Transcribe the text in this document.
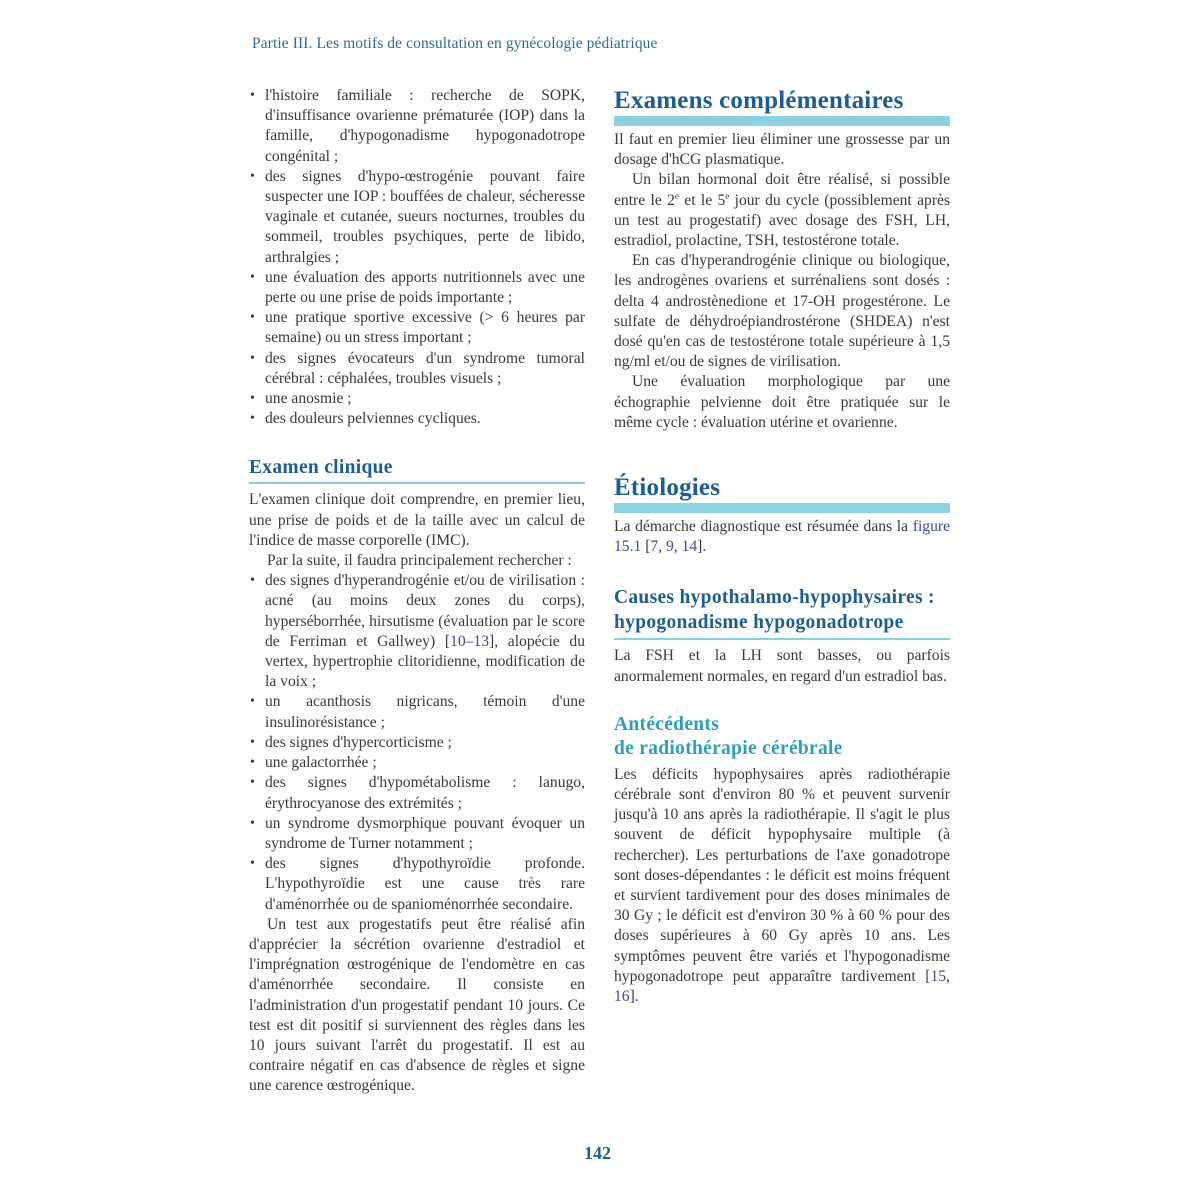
Partie III. Les motifs de consultation en gynécologie pédiatrique
• l'histoire familiale : recherche de SOPK, d'insuffisance ovarienne prématurée (IOP) dans la famille, d'hypogonadisme hypogonadotrope congénital ;
• des signes d'hypo-œstrogénie pouvant faire suspecter une IOP : bouffées de chaleur, sécheresse vaginale et cutanée, sueurs nocturnes, troubles du sommeil, troubles psychiques, perte de libido, arthralgies ;
• une évaluation des apports nutritionnels avec une perte ou une prise de poids importante ;
• une pratique sportive excessive (> 6 heures par semaine) ou un stress important ;
• des signes évocateurs d'un syndrome tumoral cérébral : céphalées, troubles visuels ;
• une anosmie ;
• des douleurs pelviennes cycliques.
Examen clinique

L'examen clinique doit comprendre, en premier lieu, une prise de poids et de la taille avec un calcul de l'indice de masse corporelle (IMC).

Par la suite, il faudra principalement rechercher :

• des signes d'hyperandrogénie et/ou de virilisation : acné (au moins deux zones du corps), hyperséborrhée, hirsutisme (évaluation par le score de Ferriman et Gallwey) [10–13], alopécie du vertex, hypertrophie clitoridienne, modification de la voix ;
• un acanthosis nigricans, témoin d'une insulinorésistance ;
• des signes d'hypercorticisme ;
• une galactorrhée ;
• des signes d'hypométabolisme : lanugo, érythrocyanose des extrémités ;
• un syndrome dysmorphique pouvant évoquer un syndrome de Turner notamment ;
• des signes d'hypothyroïdie profonde. L'hypothyroïdie est une cause très rare d'aménorrhée ou de spanioménorrhée secondaire.

Un test aux progestatifs peut être réalisé afin d'apprécier la sécrétion ovarienne d'estradiol et l'imprégnation œstrogénique de l'endomètre en cas d'aménorrhée secondaire. Il consiste en l'administration d'un progestatif pendant 10 jours. Ce test est dit positif si surviennent des règles dans les 10 jours suivant l'arrêt du progestatif. Il est au contraire négatif en cas d'absence de règles et signe une carence œstrogénique.

Examens complémentaires

Il faut en premier lieu éliminer une grossesse par un dosage d'hCG plasmatique.

Un bilan hormonal doit être réalisé, si possible entre le 2e et le 5e jour du cycle (possiblement après un test au progestatif) avec dosage des FSH, LH, estradiol, prolactine, TSH, testostérone totale.

En cas d'hyperandrogénie clinique ou biologique, les androgènes ovariens et surrénaliens sont dosés : delta 4 androstènedione et 17-OH progestérone. Le sulfate de déhydroépiandrostérone (SHDEA) n'est dosé qu'en cas de testostérone totale supérieure à 1,5 ng/ml et/ou de signes de virilisation.

Une évaluation morphologique par une échographie pelvienne doit être pratiquée sur le même cycle : évaluation utérine et ovarienne.

Étiologies

La démarche diagnostique est résumée dans la figure 15.1 [7, 9, 14].

Causes hypothalamo-hypophysaires : hypogonadisme hypogonadotrope

La FSH et la LH sont basses, ou parfois anormalement normales, en regard d'un estradiol bas.

Antécédents
de radiothérapie cérébrale

Les déficits hypophysaires après radiothérapie cérébrale sont d'environ 80 % et peuvent survenir jusqu'à 10 ans après la radiothérapie. Il s'agit le plus souvent de déficit hypophysaire multiple (à rechercher). Les perturbations de l'axe gonadotrope sont doses-dépendantes : le déficit est moins fréquent et survient tardivement pour des doses minimales de 30 Gy ; le déficit est d'environ 30 % à 60 % pour des doses supérieures à 60 Gy après 10 ans. Les symptômes peuvent être variés et l'hypogonadisme hypogonadotrope peut apparaître tardivement [15, 16].

142
